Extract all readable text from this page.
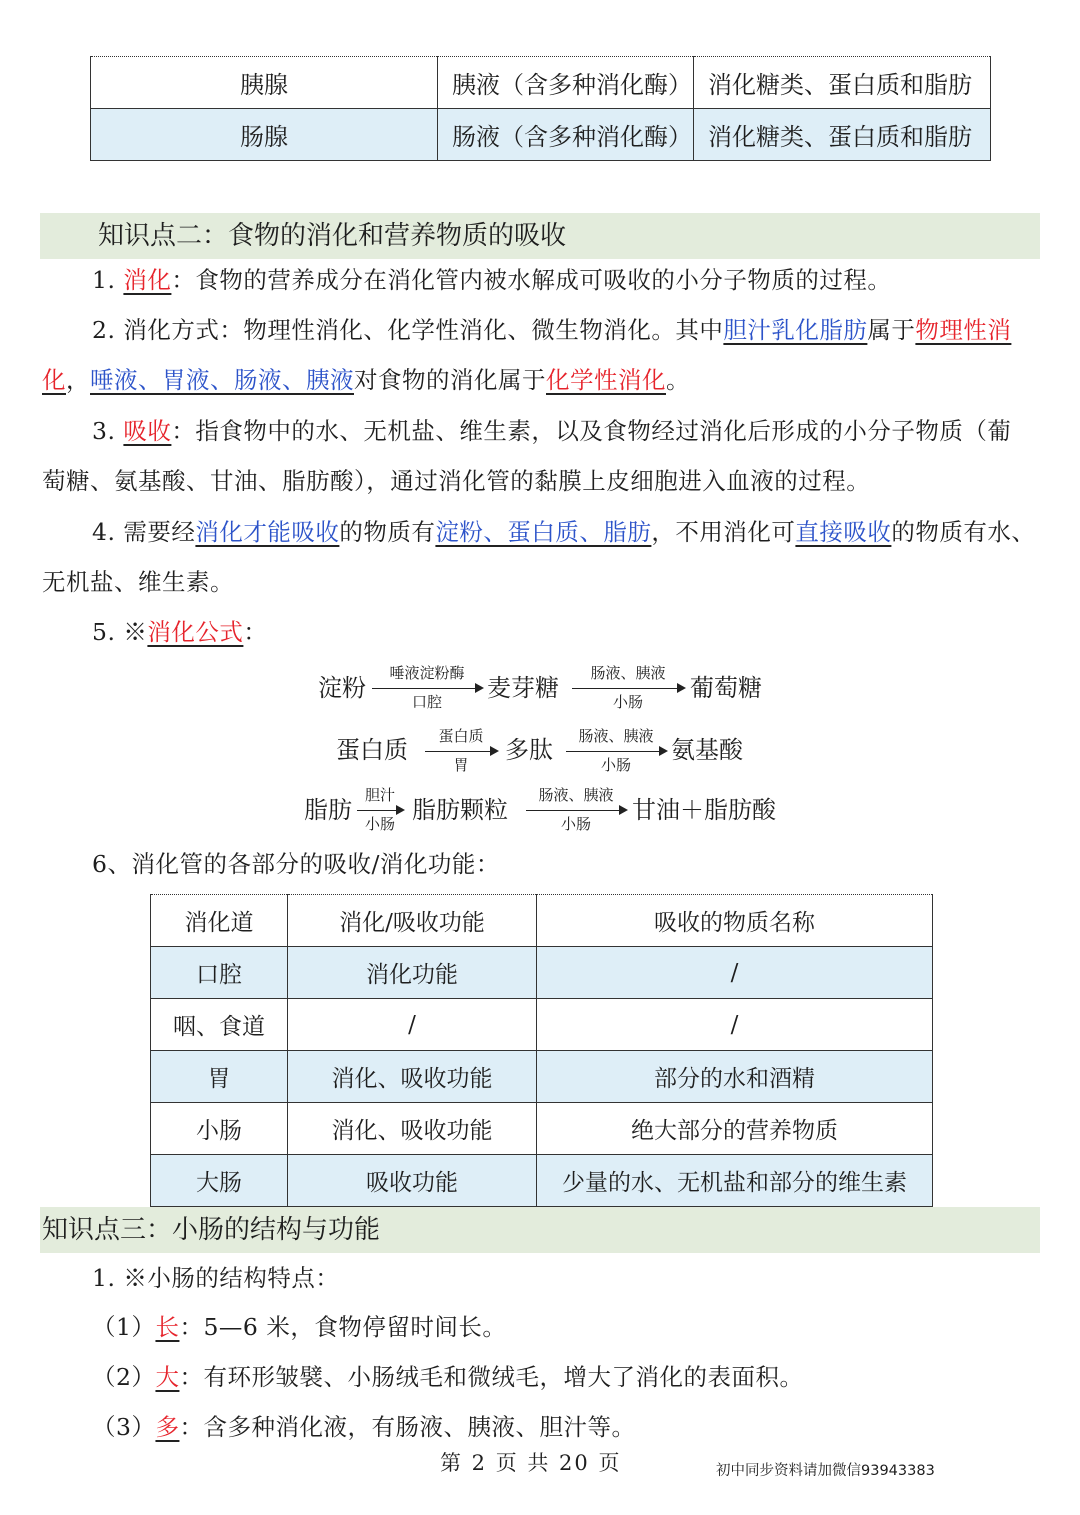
胰腺	胰液（含多种消化酶）	消化糖类、蛋白质和脂肪
肠腺	肠液（含多种消化酶）	消化糖类、蛋白质和脂肪
知识点二：食物的消化和营养物质的吸收
1. 消化：食物的营养成分在消化管内被水解成可吸收的小分子物质的过程。
2. 消化方式：物理性消化、化学性消化、微生物消化。其中胆汁乳化脂肪属于物理性消
化，唾液、胃液、肠液、胰液对食物的消化属于化学性消化。
3. 吸收：指食物中的水、无机盐、维生素，以及食物经过消化后形成的小分子物质（葡
萄糖、氨基酸、甘油、脂肪酸），通过消化管的黏膜上皮细胞进入血液的过程。
4. 需要经消化才能吸收的物质有淀粉、蛋白质、脂肪，不用消化可直接吸收的物质有水、
无机盐、维生素。
5. ※消化公式：
淀粉
唾液淀粉酶
口腔	麦芽糖
肠液、胰液
小肠	葡萄糖
蛋白质	蛋白质
胃
多肽	肠液、胰液
小肠
氨基酸
脂肪
胆汁
小肠 脂肪颗粒
肠液、胰液
小肠	甘油＋脂肪酸
6、消化管的各部分的吸收/消化功能：
消化道	消化/吸收功能	吸收的物质名称
口腔	消化功能	/
咽、食道	/	/
胃	消化、吸收功能	部分的水和酒精
小肠	消化、吸收功能	绝大部分的营养物质
大肠	吸收功能	少量的水、无机盐和部分的维生素
知识点三：小肠的结构与功能
1. ※小肠的结构特点：
（1）长：5—6 米，食物停留时间长。
（2）大：有环形皱襞、小肠绒毛和微绒毛，增大了消化的表面积。
（3）多：含多种消化液，有肠液、胰液、胆汁等。
第 2 页 共 20 页	初中同步资料请加微信93943383
